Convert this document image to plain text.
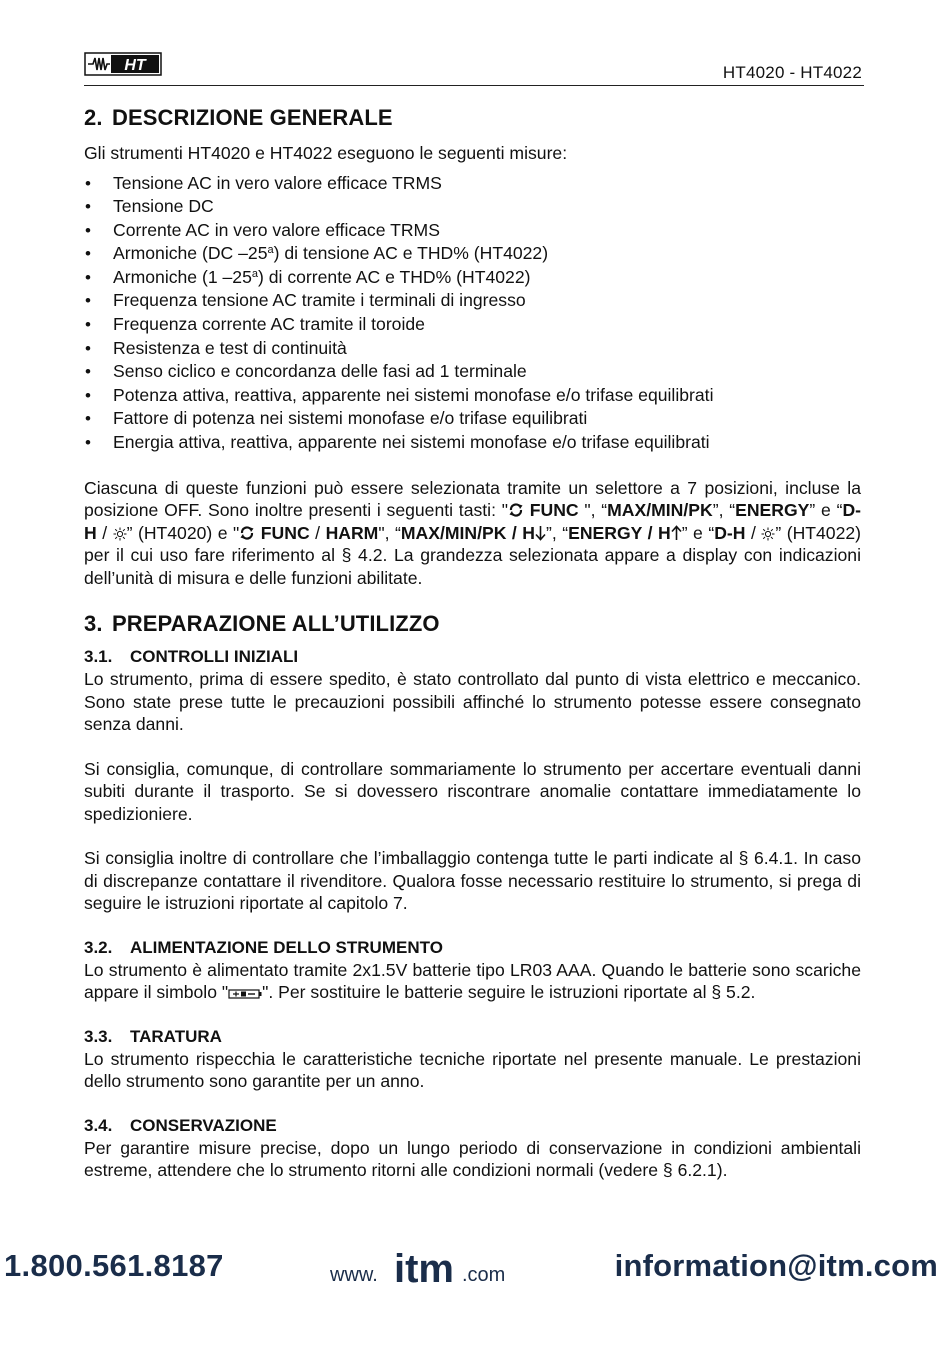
HT	HT4020 - HT4022
2. DESCRIZIONE GENERALE

Gli strumenti HT4020 e HT4022 eseguono le seguenti misure:

• Tensione AC in vero valore efficace TRMS
• Tensione DC
• Corrente AC in vero valore efficace TRMS
• Armoniche (DC –25$^a$) di tensione AC e THD% (HT4022)
• Armoniche (1 –25$^a$) di corrente AC e THD% (HT4022)
• Frequenza tensione AC tramite i terminali di ingresso
• Frequenza corrente AC tramite il toroide
• Resistenza e test di continuità
• Senso ciclico e concordanza delle fasi ad 1 terminale
• Potenza attiva, reattiva, apparente nei sistemi monofase e/o trifase equilibrati
• Fattore di potenza nei sistemi monofase e/o trifase equilibrati
• Energia attiva, reattiva, apparente nei sistemi monofase e/o trifase equilibrati

Ciascuna di queste funzioni può essere selezionata tramite un selettore a 7 posizioni, incluse la posizione OFF. Sono inoltre presenti i seguenti tasti: " FUNC ", “MAX/MIN/PK”, “ENERGY” e “D-H / ” (HT4020) e " FUNC / HARM", “MAX/MIN/PK / H ”, “ENERGY / H ” e “D-H / ” (HT4022) per il cui uso fare riferimento al § 4.2. La grandezza selezionata appare a display con indicazioni dell’unità di misura e delle funzioni abilitate.

3. PREPARAZIONE ALL’UTILIZZO
3.1. CONTROLLI INIZIALI

Lo strumento, prima di essere spedito, è stato controllato dal punto di vista elettrico e meccanico. Sono state prese tutte le precauzioni possibili affinché lo strumento potesse essere consegnato senza danni.

Si consiglia, comunque, di controllare sommariamente lo strumento per accertare eventuali danni subiti durante il trasporto. Se si dovessero riscontrare anomalie contattare immediatamente lo spedizioniere.

Si consiglia inoltre di controllare che l’imballaggio contenga tutte le parti indicate al § 6.4.1. In caso di discrepanze contattare il rivenditore. Qualora fosse necessario restituire lo strumento, si prega di seguire le istruzioni riportate al capitolo 7.

3.2. ALIMENTAZIONE DELLO STRUMENTO

Lo strumento è alimentato tramite 2x1.5V batterie tipo LR03 AAA. Quando le batterie sono scariche appare il simbolo " ". Per sostituire le batterie seguire le istruzioni riportate al § 5.2.

3.3. TARATURA

Lo strumento rispecchia le caratteristiche tecniche riportate nel presente manuale. Le prestazioni dello strumento sono garantite per un anno.

3.4. CONSERVAZIONE

Per garantire misure precise, dopo un lungo periodo di conservazione in condizioni ambientali estreme, attendere che lo strumento ritorni alle condizioni normali (vedere § 6.2.1).

1.800.561.8187	www. itm .com	information@itm.com
